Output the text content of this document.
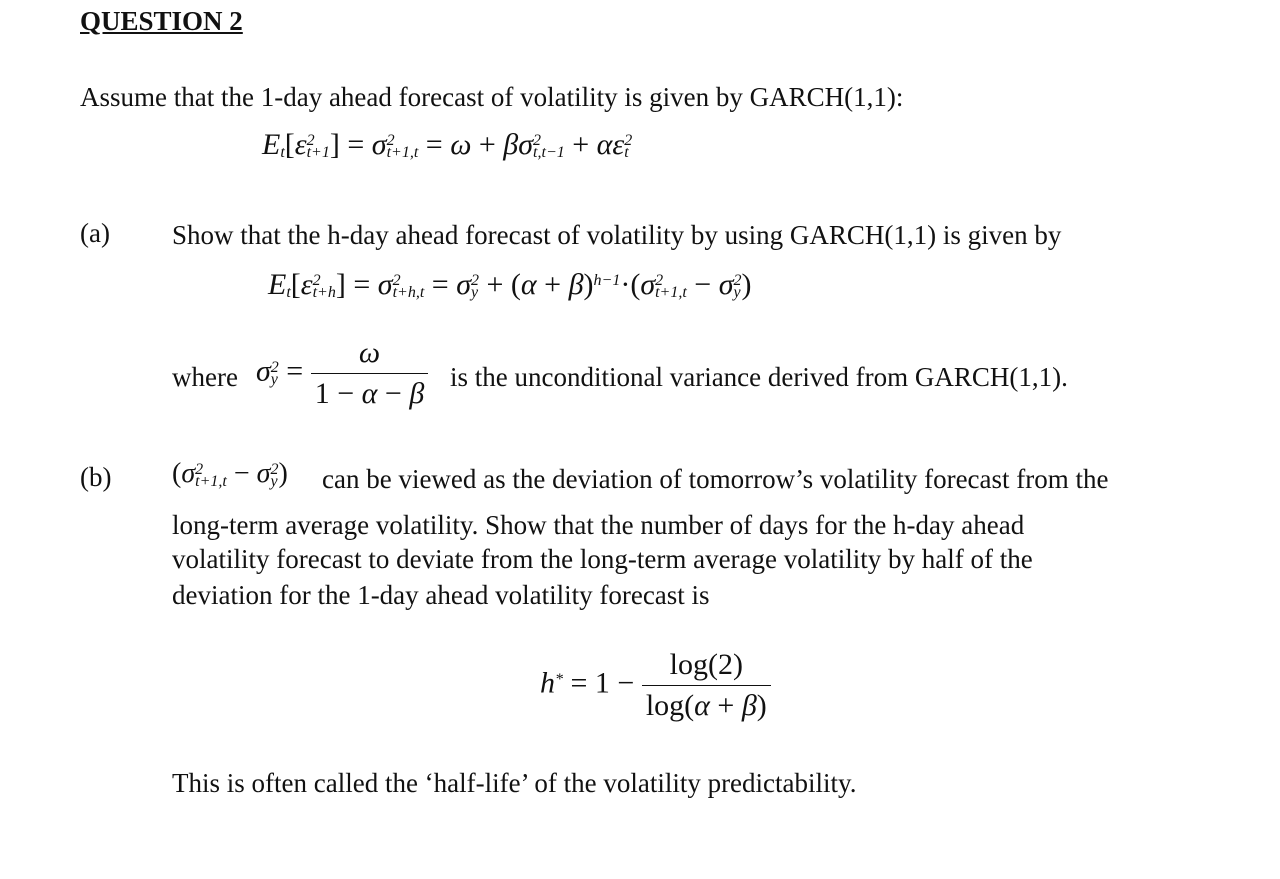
QUESTION 2
Assume that the 1-day ahead forecast of volatility is given by GARCH(1,1):
E
t [ε 2
t+1 ] = σ 2
t+1,t = ω + βσ 2
t,t−1 + αε 2
t
(a) Show that the h-day ahead forecast of volatility by using GARCH(1,1) is given by
E
t [ε 2
t+h ] = σ 2
t+h,t = σ 2
y + (α + β) h−1
·(σ 2
t+1,t − σ 2
y )
where σ 2
$y = \frac{\omega}{1 - \alpha - \beta}$ is the unconditional variance derived from GARCH(1,1).
(b) (σ 2
t+1,t − σ 2
y ) can be viewed as the deviation of tomorrow’s volatility forecast from the
long-term average volatility. Show that the number of days for the h-day ahead
volatility forecast to deviate from the long-term average volatility by half of the
deviation for the 1-day ahead volatility forecast is
h *
= $1 - \frac{\log(2)}{\log(\alpha + \beta)}$
This is often called the ‘half-life’ of the volatility predictability.
